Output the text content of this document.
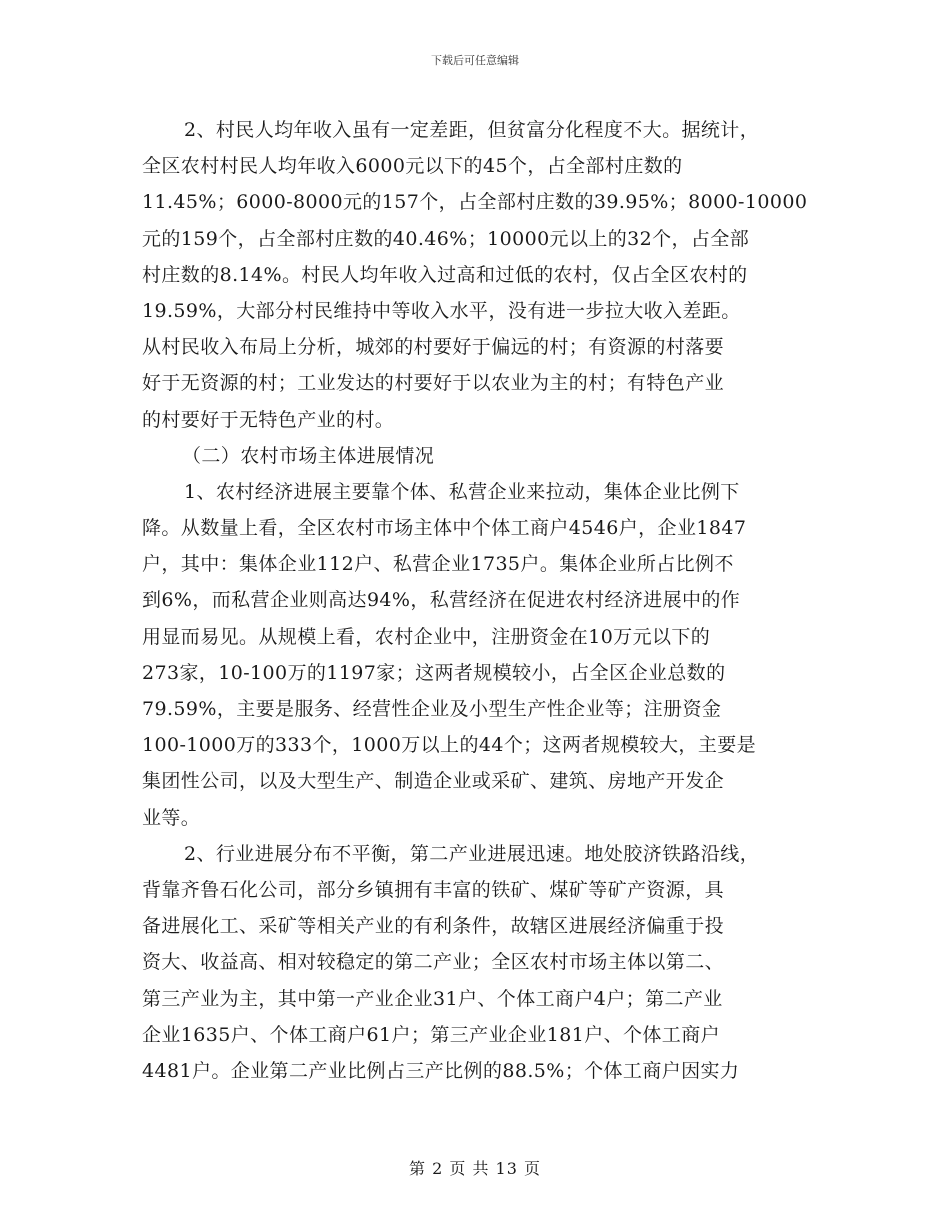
下载后可任意编辑
2、村民人均年收入虽有一定差距，但贫富分化程度不大。据统计，
全区农村村民人均年收入6000元以下的45个，占全部村庄数的
11.45%；6000-8000元的157个，占全部村庄数的39.95%；8000-10000
元的159个，占全部村庄数的40.46%；10000元以上的32个，占全部
村庄数的8.14%。村民人均年收入过高和过低的农村，仅占全区农村的
19.59%，大部分村民维持中等收入水平，没有进一步拉大收入差距。
从村民收入布局上分析，城郊的村要好于偏远的村；有资源的村落要
好于无资源的村；工业发达的村要好于以农业为主的村；有特色产业
的村要好于无特色产业的村。
（二）农村市场主体进展情况
1、农村经济进展主要靠个体、私营企业来拉动，集体企业比例下
降。从数量上看，全区农村市场主体中个体工商户4546户，企业1847
户，其中：集体企业112户、私营企业1735户。集体企业所占比例不
到6%，而私营企业则高达94%，私营经济在促进农村经济进展中的作
用显而易见。从规模上看，农村企业中，注册资金在10万元以下的
273家，10-100万的1197家；这两者规模较小，占全区企业总数的
79.59%，主要是服务、经营性企业及小型生产性企业等；注册资金
100-1000万的333个，1000万以上的44个；这两者规模较大，主要是
集团性公司，以及大型生产、制造企业或采矿、建筑、房地产开发企
业等。
2、行业进展分布不平衡，第二产业进展迅速。地处胶济铁路沿线，
背靠齐鲁石化公司，部分乡镇拥有丰富的铁矿、煤矿等矿产资源，具
备进展化工、采矿等相关产业的有利条件，故辖区进展经济偏重于投
资大、收益高、相对较稳定的第二产业；全区农村市场主体以第二、
第三产业为主，其中第一产业企业31户、个体工商户4户；第二产业
企业1635户、个体工商户61户；第三产业企业181户、个体工商户
4481户。企业第二产业比例占三产比例的88.5%；个体工商户因实力
第 2 页 共 13 页
